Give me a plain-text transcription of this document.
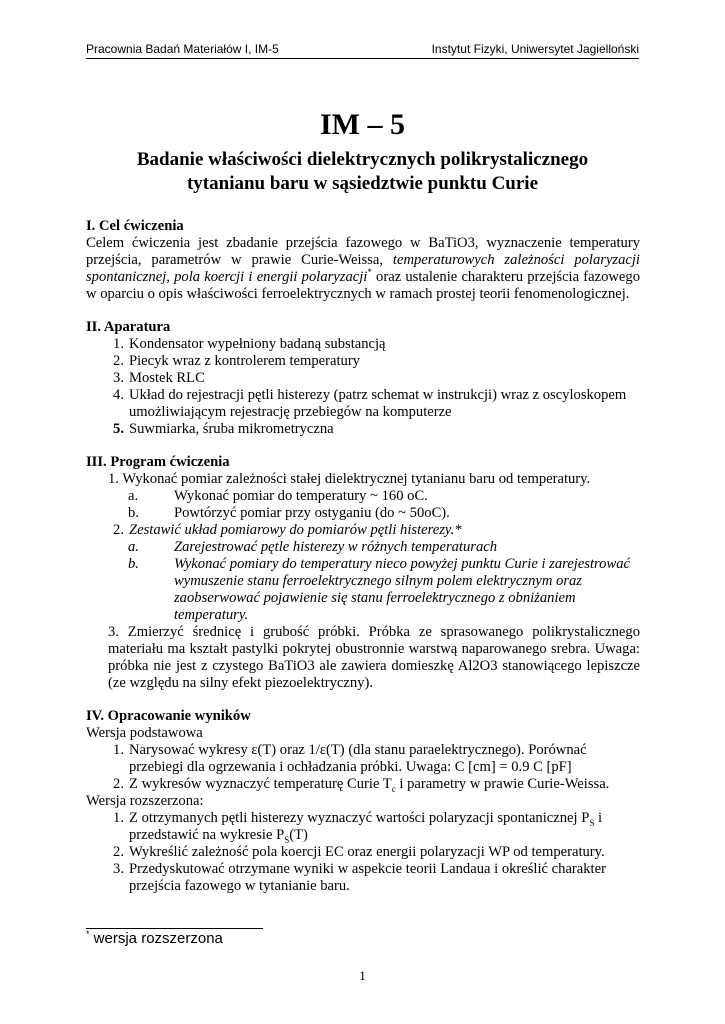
Pracownia Badań Materiałów I, IM-5	Instytut Fizyki, Uniwersytet Jagielloński
IM – 5
Badanie właściwości dielektrycznych polikrystalicznego
tytanianu baru w sąsiedztwie punktu Curie

I. Cel ćwiczenia

Celem ćwiczenia jest zbadanie przejścia fazowego w BaTiO3, wyznaczenie temperatury przejścia, parametrów w prawie Curie-Weissa, temperaturowych zależności polaryzacji spontanicznej, pola koercji i energii polaryzacji* oraz ustalenie charakteru przejścia fazowego w oparciu o opis właściwości ferroelektrycznych w ramach prostej teorii fenomenologicznej.

II. Aparatura

1. Kondensator wypełniony badaną substancją
2. Piecyk wraz z kontrolerem temperatury
3. Mostek RLC
4. Układ do rejestracji pętli histerezy (patrz schemat w instrukcji) wraz z oscyloskopem umożliwiającym rejestrację przebiegów na komputerze
5. Suwmiarka, śruba mikrometryczna

III. Program ćwiczenia

1. Wykonać pomiar zależności stałej dielektrycznej tytanianu baru od temperatury.

a.	Wykonać pomiar do temperatury ~ 160 oC.
b.	Powtórzyć pomiar przy ostyganiu (do ~ 50oC).
2. Zestawić układ pomiarowy do pomiarów pętli histerezy.*
a.	Zarejestrować pętle histerezy w różnych temperaturach
b.	Wykonać pomiary do temperatury nieco powyżej punktu Curie i zarejestrować wymuszenie stanu ferroelektrycznego silnym polem elektrycznym oraz zaobserwować pojawienie się stanu ferroelektrycznego z obniżaniem temperatury.

3. Zmierzyć średnicę i grubość próbki. Próbka ze sprasowanego polikrystalicznego materiału ma kształt pastylki pokrytej obustronnie warstwą naparowanego srebra. Uwaga: próbka nie jest z czystego BaTiO3 ale zawiera domieszkę Al2O3 stanowiącego lepiszcze (ze względu na silny efekt piezoelektryczny).

IV. Opracowanie wyników

Wersja podstawowa

1. Narysować wykresy ε(T) oraz 1/ε(T) (dla stanu paraelektrycznego). Porównać przebiegi dla ogrzewania i ochładzania próbki. Uwaga: C [cm] = 0.9 C [pF]
2. Z wykresów wyznaczyć temperaturę Curie $T_c$ i parametry w prawie Curie-Weissa.

Wersja rozszerzona:

1. Z otrzymanych pętli histerezy wyznaczyć wartości polaryzacji spontanicznej $P_S$ i przedstawić na wykresie $P_S(T)$
2. Wykreślić zależność pola koercji EC oraz energii polaryzacji WP od temperatury.
3. Przedyskutować otrzymane wyniki w aspekcie teorii Landaua i określić charakter przejścia fazowego w tytanianie baru.
* wersja rozszerzona
1
